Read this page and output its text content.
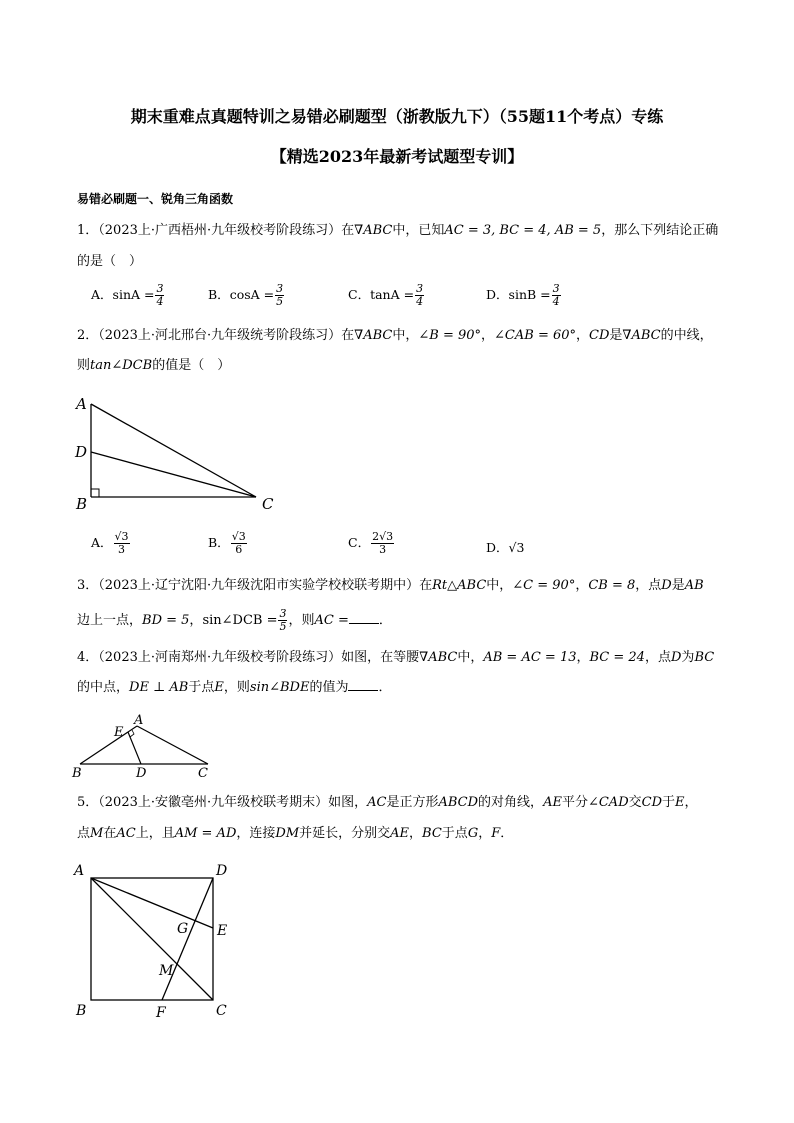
期末重难点真题特训之易错必刷题型（浙教版九下）（55题11个考点）专练
【精选2023年最新考试题型专训】
易错必刷题一、锐角三角函数
1．（2023上·广西梧州·九年级校考阶段练习）在∇ABC中，已知AC = 3, BC = 4, AB = 5，那么下列结论正确
的是（　）
A．$\sin A = \frac{3}{4}$	B．$\cos A = \frac{3}{5}$	C．$\tan A = \frac{3}{4}$	D．$\sin B = \frac{3}{4}$
2．（2023上·河北邢台·九年级统考阶段练习）在∇ABC中，∠B = 90°，∠CAB = 60°，CD是∇ABC的中线，
则tan∠DCB的值是（　）
A
D
B	C
A． $\frac{√3}{3}$	B． $\frac{√3}{6}$	C． $\frac{2√3}{3}$	D．√3
3．（2023上·辽宁沈阳·九年级沈阳市实验学校校联考期中）在Rt△ABC中，∠C = 90°，CB = 8，点D是AB
边上一点，BD = 5，sin∠DCB = $\frac{3}{5}$ ，则AC = ．
4．（2023上·河南郑州·九年级校考阶段练习）如图，在等腰∇ABC中，AB = AC = 13，BC = 24，点D为BC
的中点，DE ⊥ AB于点E，则sin∠BDE的值为 ．
A
E
B	D	C
5．（2023上·安徽亳州·九年级校联考期末）如图，AC是正方形ABCD的对角线，AE平分∠CAD交CD于E，
点M在AC上，且AM = AD，连接DM并延长，分别交AE，BC于点G，F．
A	D
G E
M
B	F	C
